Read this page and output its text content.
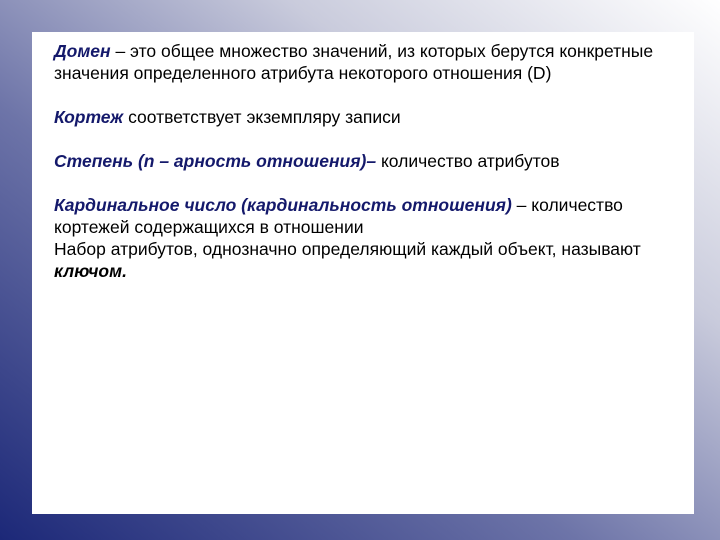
Домен – это общее множество значений, из которых берутся конкретные значения определенного атрибута некоторого отношения (D)

Кортеж соответствует экземпляру записи

Степень (n – арность отношения)– количество атрибутов

Кардинальное число (кардинальность отношения) – количество кортежей содержащихся в отношении

Набор атрибутов, однозначно определяющий каждый объект, называют ключом.
